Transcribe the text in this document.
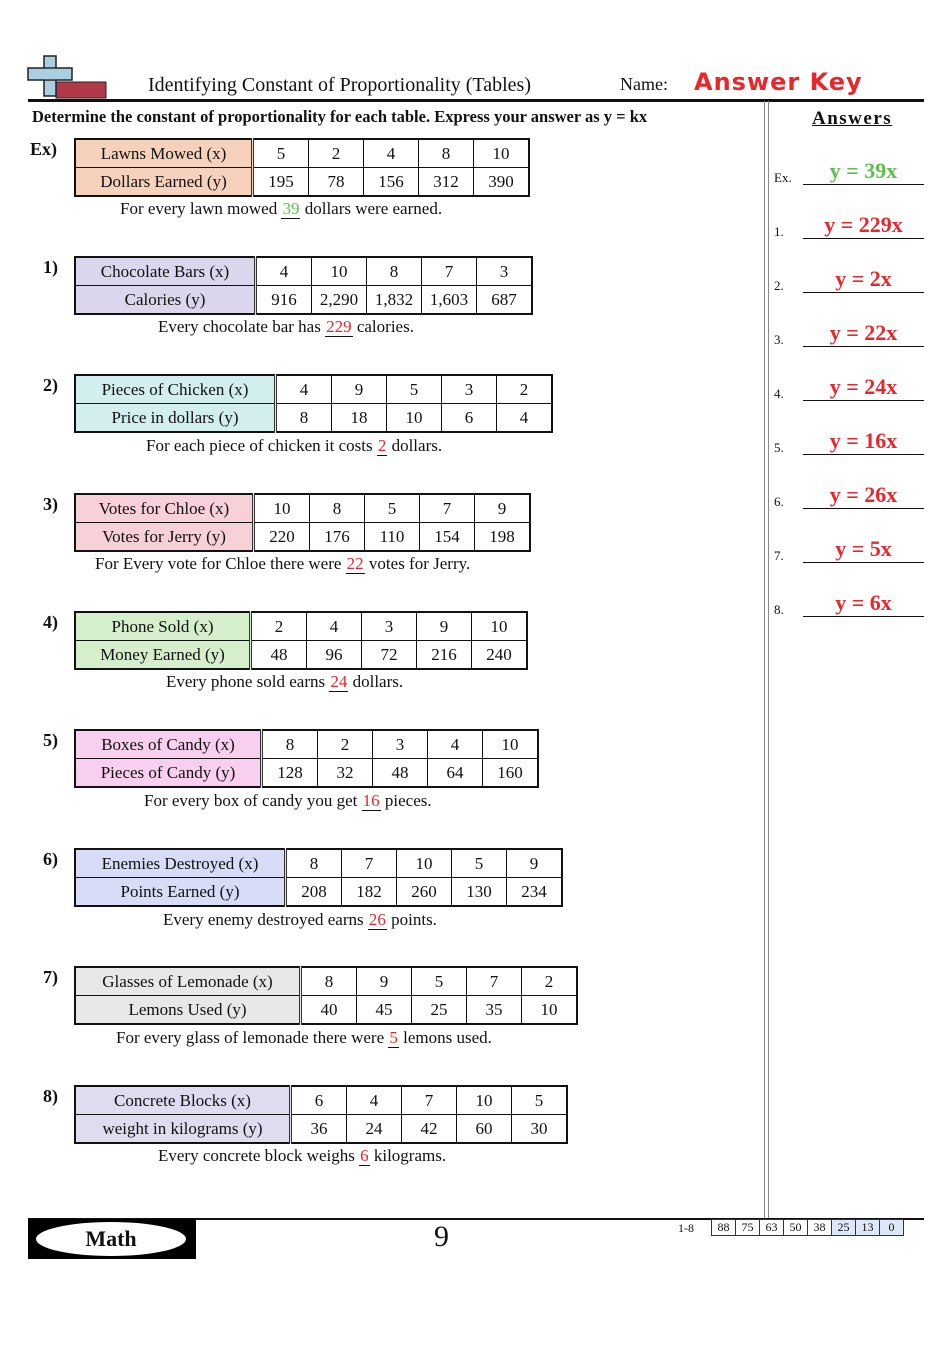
Identifying Constant of Proportionality (Tables)	Name: Answer Key
Determine the constant of proportionality for each table. Express your answer as y = kx	Answers
Ex)	Lawns Mowed (x)	5	2	4	8	10
Dollars Earned (y)	195	78	156	312	390
For every lawn mowed 39 dollars were earned.
1)	Chocolate Bars (x)	4	10	8	7	3
Calories (y)	916	2,290	1,832	1,603	687
Every chocolate bar has 229 calories.
2)	Pieces of Chicken (x)	4	9	5	3	2
Price in dollars (y)	8	18	10	6	4
For each piece of chicken it costs 2 dollars.
3) Votes for Chloe (x)	10	8	5	7	9
Votes for Jerry (y)	220	176	110	154	198
For Every vote for Chloe there were 22 votes for Jerry.
4)	Phone Sold (x)	2	4	3	9	10
Money Earned (y)	48	96	72	216	240
Every phone sold earns 24 dollars.
5)	Boxes of Candy (x)	8	2	3	4	10
Pieces of Candy (y)	128	32	48	64	160
For every box of candy you get 16 pieces.
6)	Enemies Destroyed (x)	8	7	10	5	9
Points Earned (y)	208	182	260	130	234
Every enemy destroyed earns 26 points.
7)	Glasses of Lemonade (x)	8	9	5	7	2
Lemons Used (y)	40	45	25	35	10
For every glass of lemonade there were 5 lemons used.
8)	Concrete Blocks (x)	6	4	7	10	5
weight in kilograms (y)	36	24	42	60	30
Every concrete block weighs 6 kilograms.
Ex.	y = 39x
1.	y = 229x
2.	y = 2x
3.	y = 22x
4.	y = 24x
5.	y = 16x
6.	y = 26x
7.	y = 5x
8.	y = 6x
Math	9	1-8 88	75	63	50	38	25	13	0
